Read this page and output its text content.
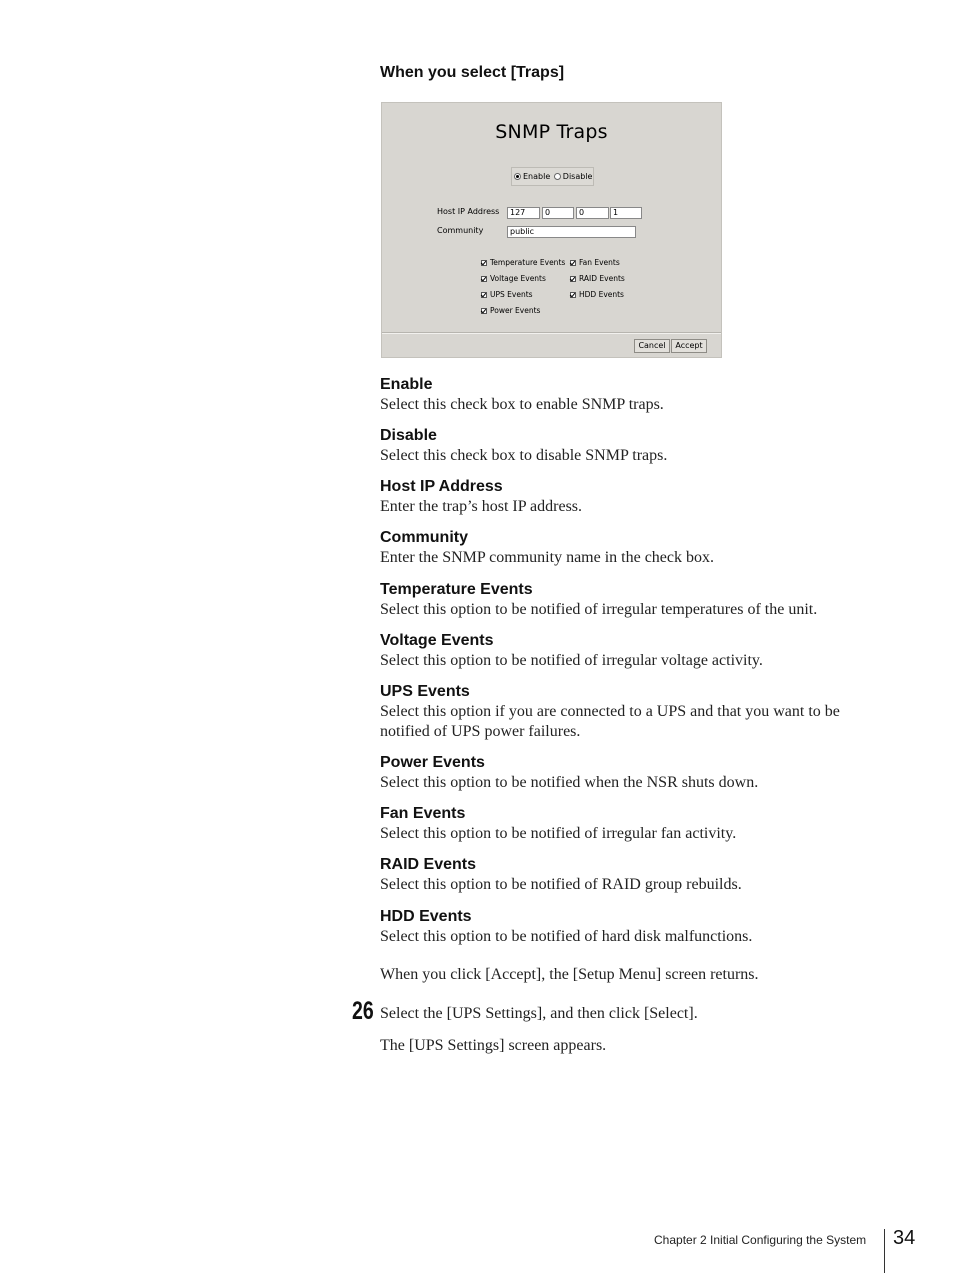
When you select [Traps]
SNMP Traps
Enable Disable
Host IP Address	127	0	0	1
Community	public
Temperature Events
Voltage Events
UPS Events
Power Events
Fan Events
RAID Events
HDD Events
Cancel	Accept
Enable
Select this check box to enable SNMP traps.
Disable
Select this check box to disable SNMP traps.
Host IP Address
Enter the trap’s host IP address.
Community
Enter the SNMP community name in the check box.
Temperature Events
Select this option to be notified of irregular temperatures of the unit.
Voltage Events
Select this option to be notified of irregular voltage activity.
UPS Events
Select this option if you are connected to a UPS and that you want to be notified of UPS power failures.
Power Events
Select this option to be notified when the NSR shuts down.
Fan Events
Select this option to be notified of irregular fan activity.
RAID Events
Select this option to be notified of RAID group rebuilds.
HDD Events
Select this option to be notified of hard disk malfunctions.
When you click [Accept], the [Setup Menu] screen returns.
26 Select the [UPS Settings], and then click [Select].
The [UPS Settings] screen appears.
Chapter 2 Initial Configuring the System 34
